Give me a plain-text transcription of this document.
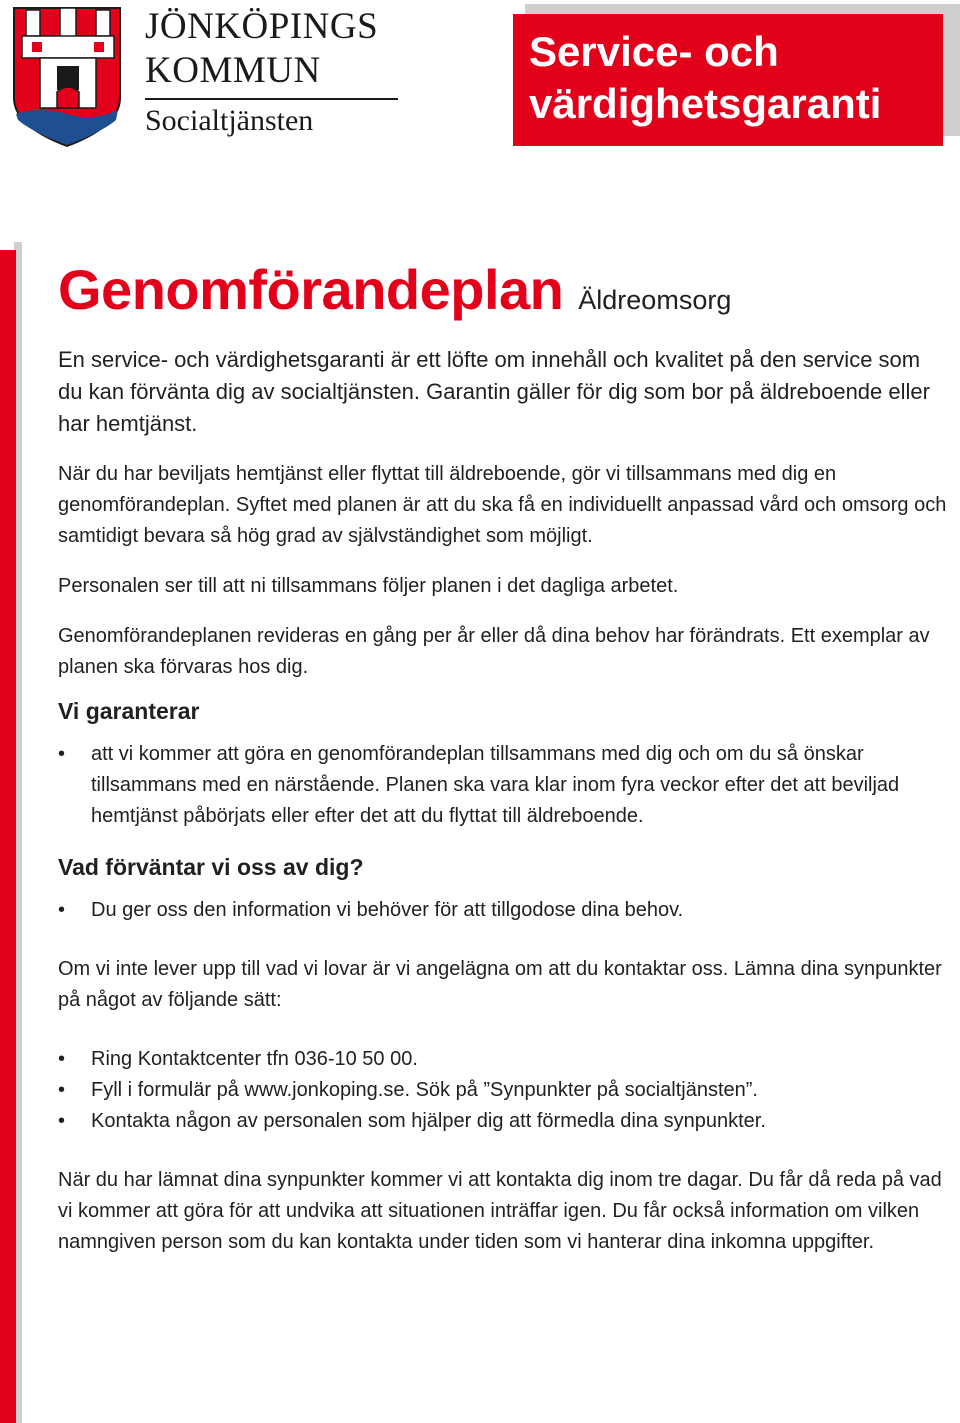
JÖNKÖPINGS
KOMMUN
Socialtjänsten
Service- och
värdighetsgaranti
Genomförandeplan Äldreomsorg

En service- och värdighetsgaranti är ett löfte om innehåll och kvalitet på den service som du kan förvänta dig av socialtjänsten. Garantin gäller för dig som bor på äldreboende eller har hemtjänst.

När du har beviljats hemtjänst eller flyttat till äldreboende, gör vi tillsammans med dig en genomförandeplan. Syftet med planen är att du ska få en individuellt anpassad vård och omsorg och samtidigt bevara så hög grad av självständighet som möjligt.

Personalen ser till att ni tillsammans följer planen i det dagliga arbetet.

Genomförandeplanen revideras en gång per år eller då dina behov har förändrats. Ett exemplar av planen ska förvaras hos dig.

Vi garanterar
• att vi kommer att göra en genomförandeplan tillsammans med dig och om du så önskar tillsammans med en närstående. Planen ska vara klar inom fyra veckor efter det att beviljad hemtjänst påbörjats eller efter det att du flyttat till äldreboende.
Vad förväntar vi oss av dig?
• Du ger oss den information vi behöver för att tillgodose dina behov.

Om vi inte lever upp till vad vi lovar är vi angelägna om att du kontaktar oss. Lämna dina synpunkter på något av följande sätt:

• Ring Kontaktcenter tfn 036-10 50 00.
• Fyll i formulär på www.jonkoping.se. Sök på ”Synpunkter på socialtjänsten”.
• Kontakta någon av personalen som hjälper dig att förmedla dina synpunkter.

När du har lämnat dina synpunkter kommer vi att kontakta dig inom tre dagar. Du får då reda på vad vi kommer att göra för att undvika att situationen inträffar igen. Du får också information om vilken namngiven person som du kan kontakta under tiden som vi hanterar dina inkomna uppgifter.
